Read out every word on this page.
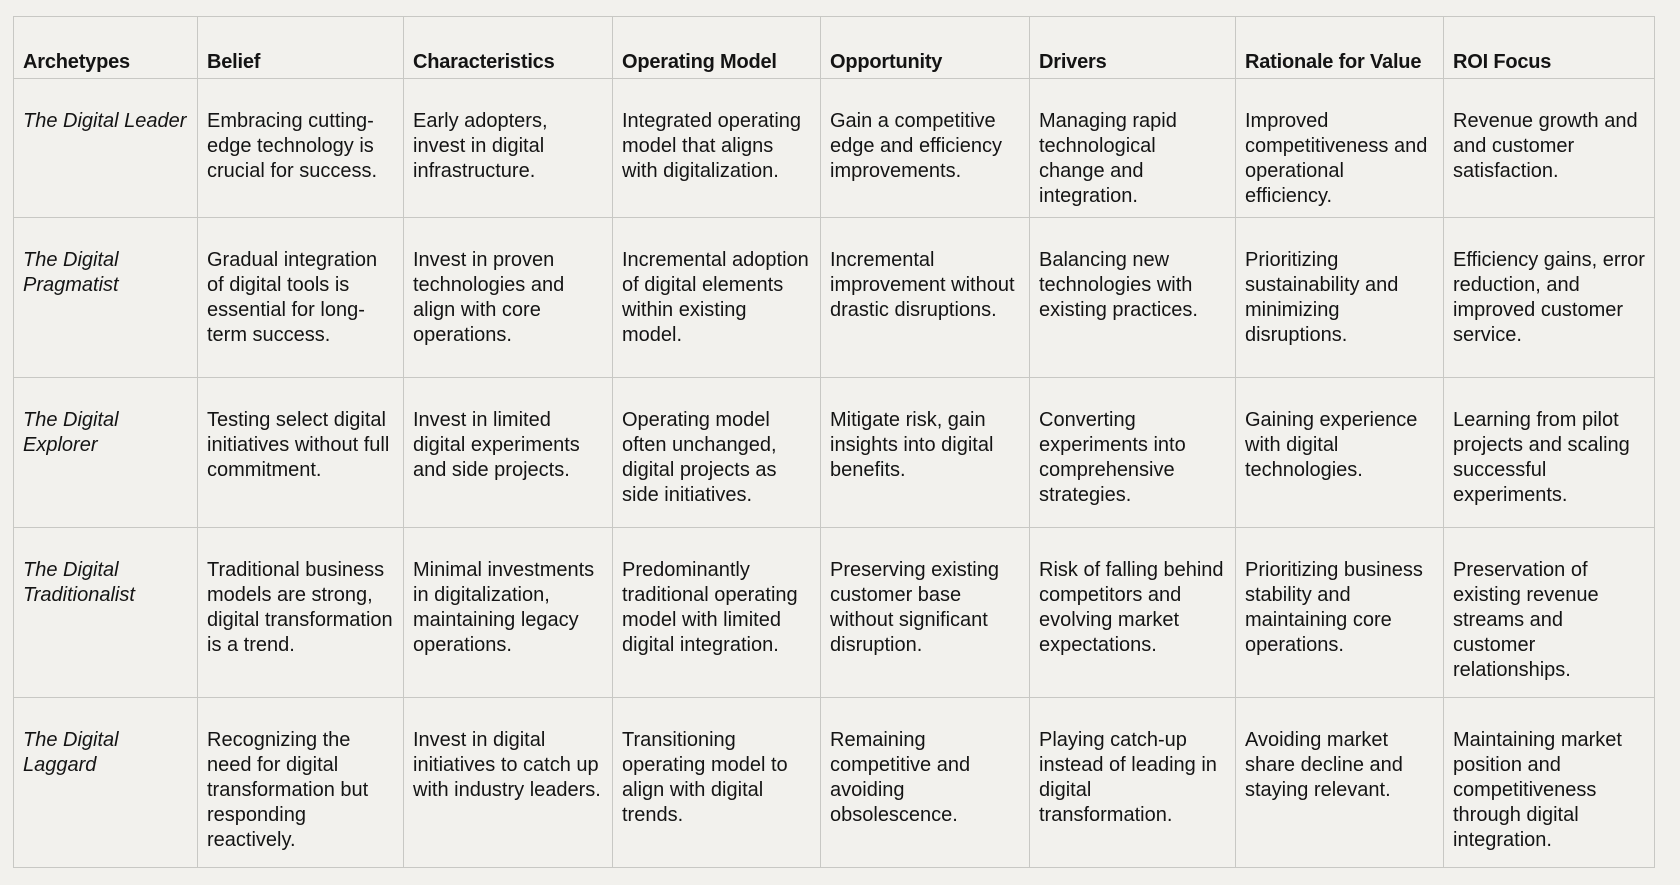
Archetypes	Belief	Characteristics	Operating Model	Opportunity	Drivers	Rationale for Value	ROI Focus
The Digital Leader	Embracing cutting-edge technology is crucial for success.	Early adopters, invest in digital infrastructure.	Integrated operating model that aligns with digitalization.	Gain a competitive edge and efficiency improvements.	Managing rapid technological change and integration.	Improved competitiveness and operational efficiency.	Revenue growth and and customer satisfaction.
The Digital Pragmatist	Gradual integration of digital tools is essential for long-term success.	Invest in proven technologies and align with core operations.	Incremental adoption of digital elements within existing model.	Incremental improvement without drastic disruptions.	Balancing new technologies with existing practices.	Prioritizing sustainability and minimizing disruptions.	Efficiency gains, error reduction, and improved customer service.
The Digital  Explorer	Testing select digital initiatives without full commitment.	Invest in limited digital experiments and side projects.	Operating model often unchanged, digital projects as side initiatives.	Mitigate risk, gain insights into digital benefits.	Converting experiments into comprehensive strategies.	Gaining experience with digital technologies.	Learning from pilot projects and scaling successful experiments.
The Digital Traditionalist	Traditional business models are strong, digital transformation is a trend.	Minimal investments in digitalization, maintaining legacy operations.	Predominantly traditional operating model with limited digital integration.	Preserving existing customer base without significant disruption.	Risk of falling behind competitors and evolving market expectations.	Prioritizing business stability and maintaining core operations.	Preservation of existing revenue streams and customer relationships.
The Digital Laggard	Recognizing the need for digital transformation but responding reactively.	Invest in digital initiatives to catch up with industry leaders.	Transitioning operating model to align with digital trends.	Remaining competitive and avoiding obsolescence.	Playing catch-up instead of leading in digital transformation.	Avoiding market share decline and staying relevant.	Maintaining market position and competitiveness through digital integration.
